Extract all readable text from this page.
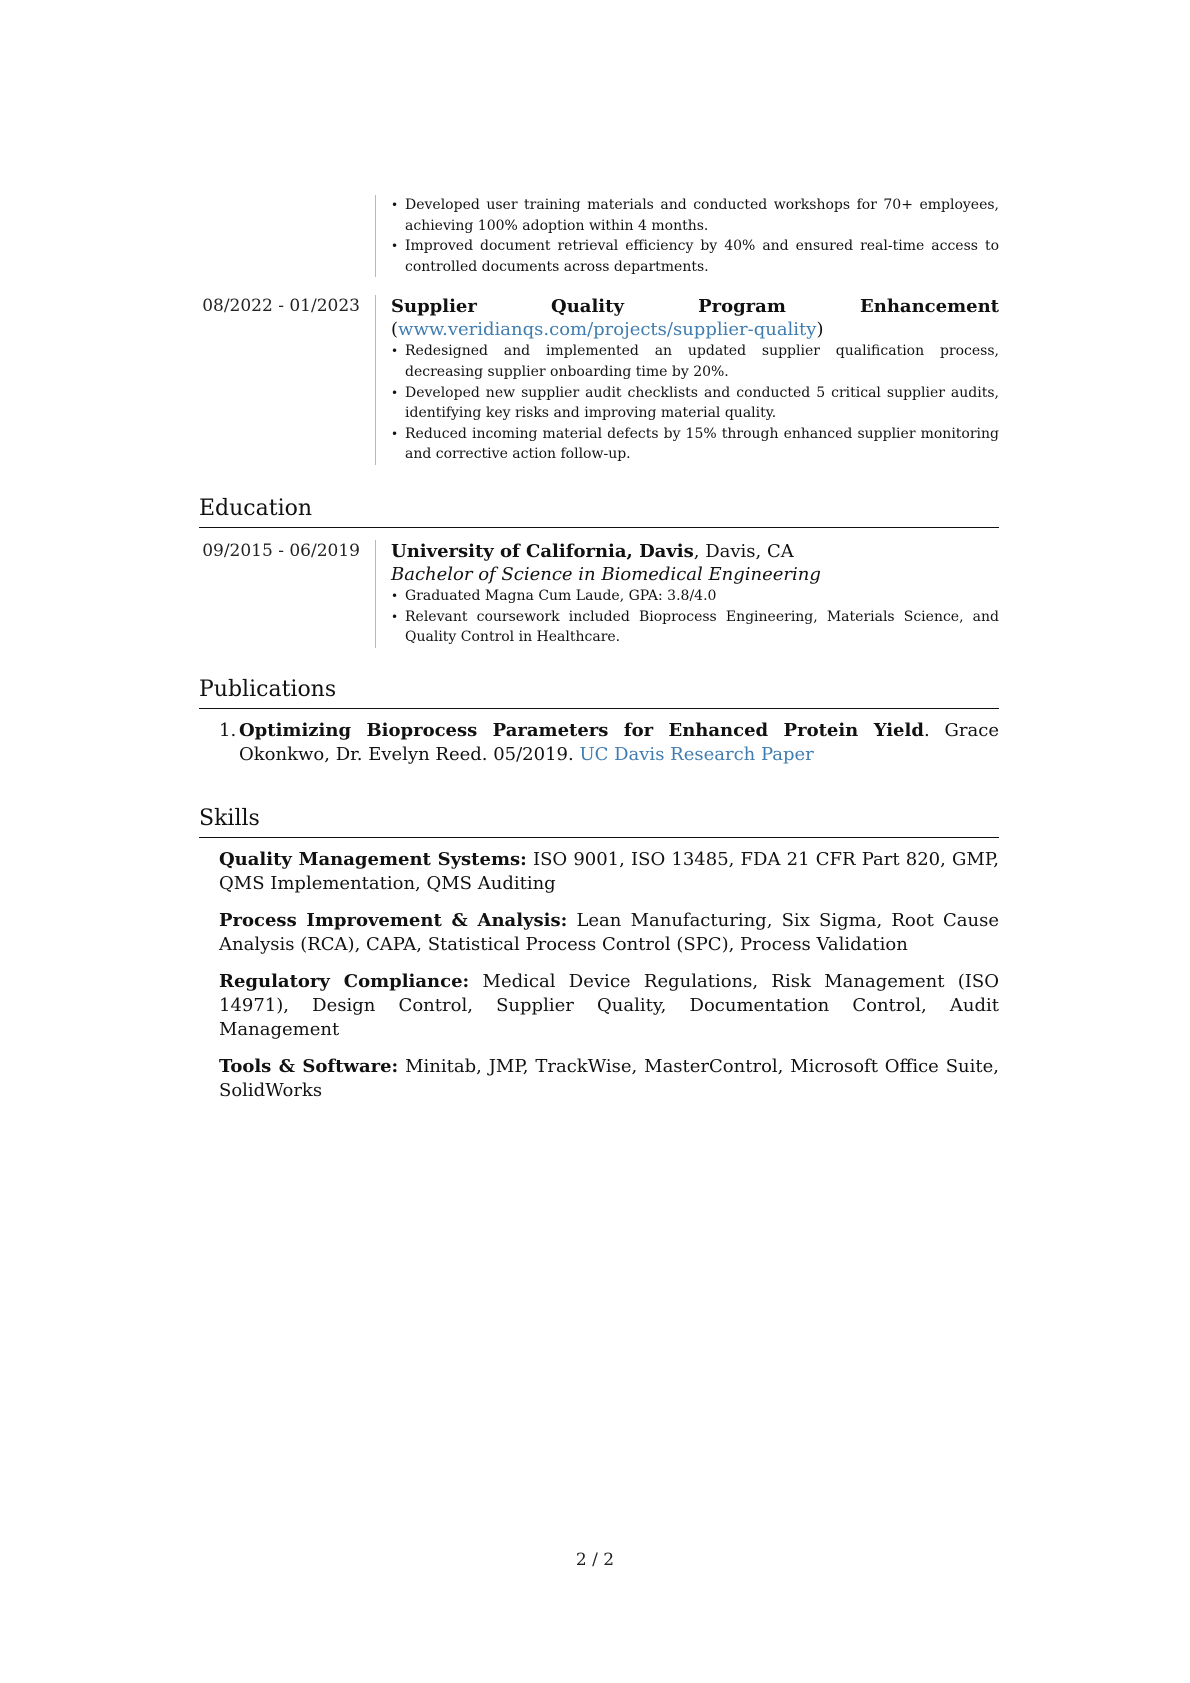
• Developed user training materials and conducted workshops for 70+ employees, achieving 100% adoption within 4 months.
• Improved document retrieval efficiency by 40% and ensured real-time access to controlled documents across departments.
08/2022 - 01/2023	Supplier Quality Program Enhancement (www.veridianqs.com/projects/supplier-quality)
• Redesigned and implemented an updated supplier qualification process, decreasing supplier onboarding time by 20%.
• Developed new supplier audit checklists and conducted 5 critical supplier audits, identifying key risks and improving material quality.
• Reduced incoming material defects by 15% through enhanced supplier monitoring and corrective action follow-up.
Education
09/2015 - 06/2019	University of California, Davis, Davis, CA
Bachelor of Science in Biomedical Engineering
• Graduated Magna Cum Laude, GPA: 3.8/4.0
• Relevant coursework included Bioprocess Engineering, Materials Science, and Quality Control in Healthcare.
Publications
1. Optimizing Bioprocess Parameters for Enhanced Protein Yield. Grace Okonkwo, Dr. Evelyn Reed. 05/2019. UC Davis Research Paper
Skills
Quality Management Systems: ISO 9001, ISO 13485, FDA 21 CFR Part 820, GMP, QMS Implementation, QMS Auditing
Process Improvement & Analysis: Lean Manufacturing, Six Sigma, Root Cause Analysis (RCA), CAPA, Statistical Process Control (SPC), Process Validation
Regulatory Compliance: Medical Device Regulations, Risk Management (ISO 14971), Design Control, Supplier Quality, Documentation Control, Audit Management
Tools & Software: Minitab, JMP, TrackWise, MasterControl, Microsoft Office Suite, SolidWorks
2 / 2
